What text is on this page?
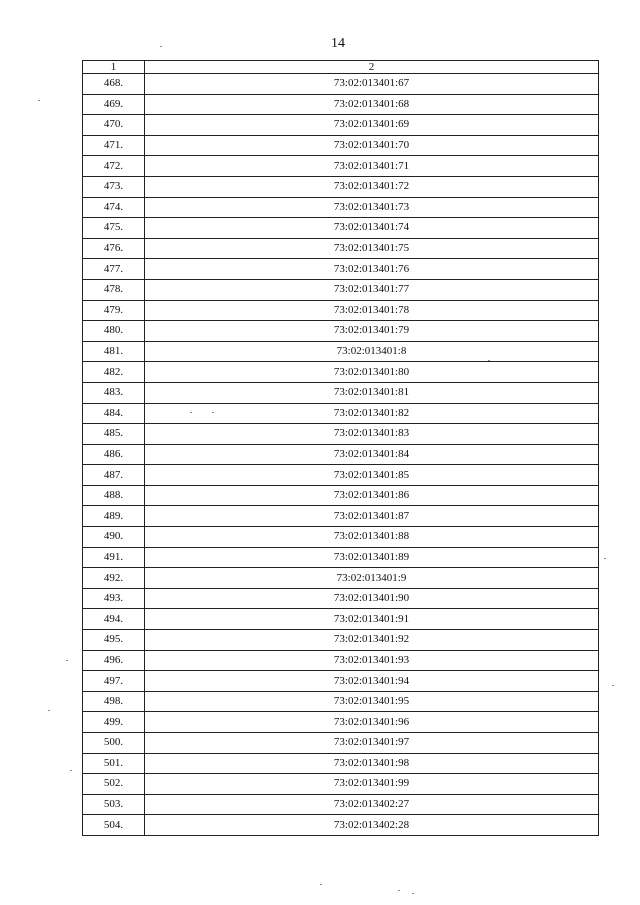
14
1	2
468.	73:02:013401:67
469.	73:02:013401:68
470.	73:02:013401:69
471.	73:02:013401:70
472.	73:02:013401:71
473.	73:02:013401:72
474.	73:02:013401:73
475.	73:02:013401:74
476.	73:02:013401:75
477.	73:02:013401:76
478.	73:02:013401:77
479.	73:02:013401:78
480.	73:02:013401:79
481.	73:02:013401:8
482.	73:02:013401:80
483.	73:02:013401:81
484.	73:02:013401:82
485.	73:02:013401:83
486.	73:02:013401:84
487.	73:02:013401:85
488.	73:02:013401:86
489.	73:02:013401:87
490.	73:02:013401:88
491.	73:02:013401:89
492.	73:02:013401:9
493.	73:02:013401:90
494.	73:02:013401:91
495.	73:02:013401:92
496.	73:02:013401:93
497.	73:02:013401:94
498.	73:02:013401:95
499.	73:02:013401:96
500.	73:02:013401:97
501.	73:02:013401:98
502.	73:02:013401:99
503.	73:02:013402:27
504.	73:02:013402:28
